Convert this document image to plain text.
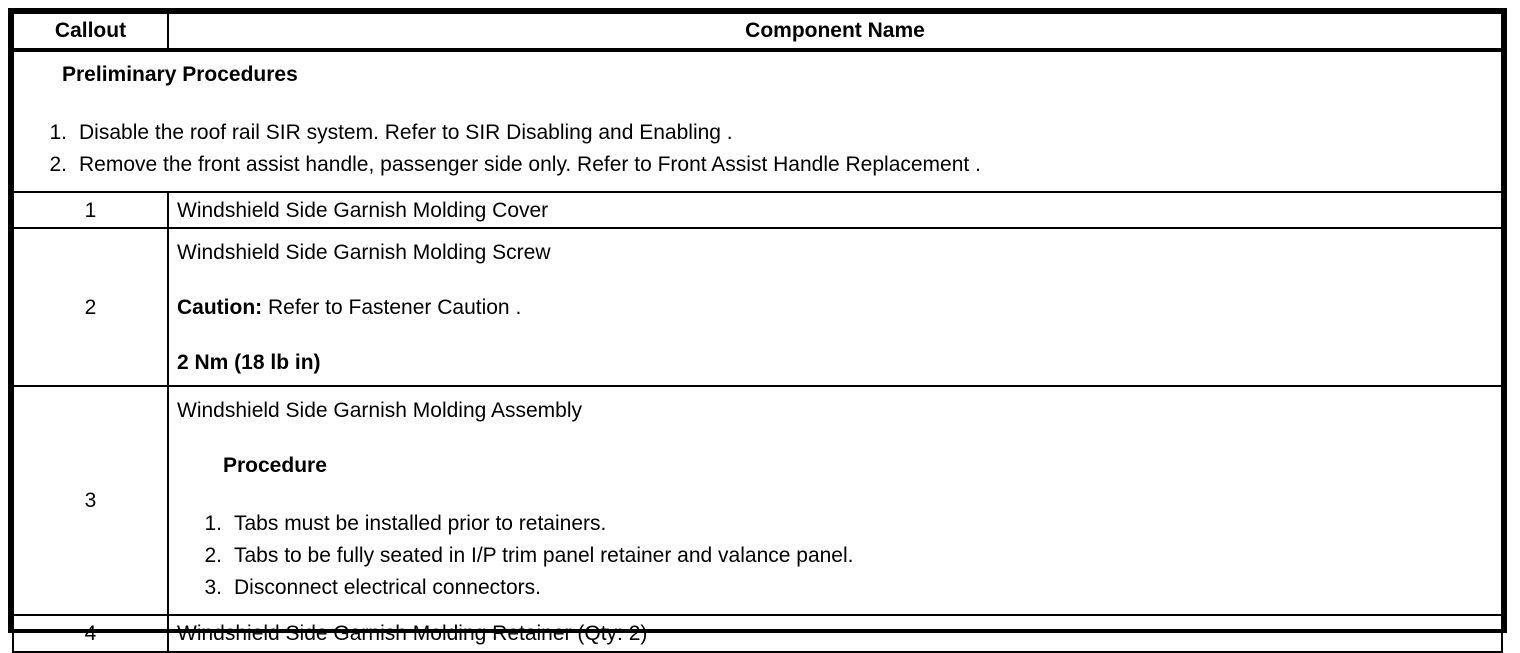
Callout	Component Name

Preliminary Procedures
1. Disable the roof rail SIR system. Refer to SIR Disabling and Enabling .
2. Remove the front assist handle, passenger side only. Refer to Front Assist Handle Replacement .	

1	Windshield Side Garnish Molding Cover

2	Windshield Side Garnish Molding Screw
Caution: Refer to Fastener Caution .
2 Nm (18 lb in)

3	
Windshield Side Garnish Molding Assembly
Procedure
1. Tabs must be installed prior to retainers.
2. Tabs to be fully seated in I/P trim panel retainer and valance panel.
3. Disconnect electrical connectors.

4	Windshield Side Garnish Molding Retainer (Qty: 2)
